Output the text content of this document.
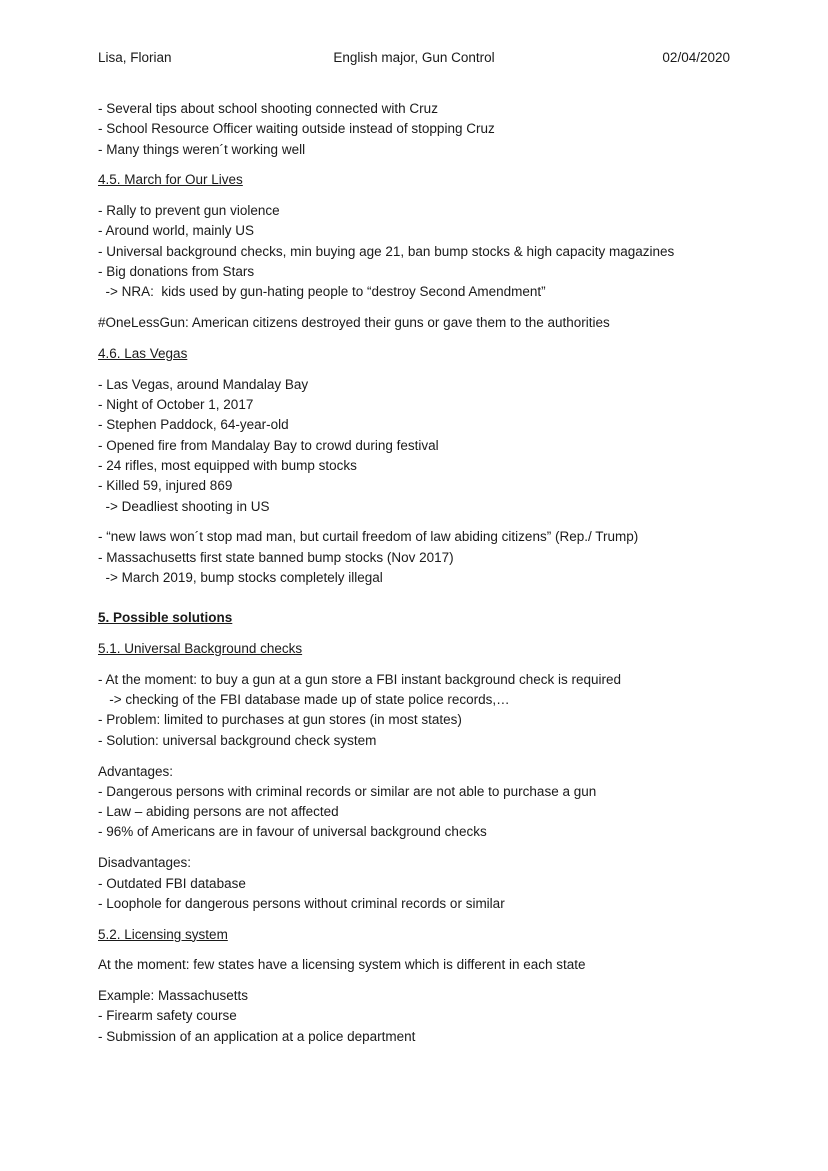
Lisa, Florian	English major, Gun Control	02/04/2020
- Several tips about school shooting connected with Cruz
- School Resource Officer waiting outside instead of stopping Cruz
- Many things weren´t working well
4.5. March for Our Lives
- Rally to prevent gun violence
- Around world, mainly US
- Universal background checks, min buying age 21, ban bump stocks & high capacity magazines
- Big donations from Stars
-> NRA:  kids used by gun-hating people to “destroy Second Amendment”
#OneLessGun: American citizens destroyed their guns or gave them to the authorities
4.6. Las Vegas
- Las Vegas, around Mandalay Bay
- Night of October 1, 2017
- Stephen Paddock, 64-year-old
- Opened fire from Mandalay Bay to crowd during festival
- 24 rifles, most equipped with bump stocks
- Killed 59, injured 869
-> Deadliest shooting in US
- “new laws won´t stop mad man, but curtail freedom of law abiding citizens” (Rep./ Trump)
- Massachusetts first state banned bump stocks (Nov 2017)
-> March 2019, bump stocks completely illegal
5. Possible solutions
5.1. Universal Background checks
- At the moment: to buy a gun at a gun store a FBI instant background check is required
-> checking of the FBI database made up of state police records,…
- Problem: limited to purchases at gun stores (in most states)
- Solution: universal background check system
Advantages:
- Dangerous persons with criminal records or similar are not able to purchase a gun
- Law – abiding persons are not affected
- 96% of Americans are in favour of universal background checks
Disadvantages:
- Outdated FBI database
- Loophole for dangerous persons without criminal records or similar
5.2. Licensing system
At the moment: few states have a licensing system which is different in each state
Example: Massachusetts
- Firearm safety course
- Submission of an application at a police department
